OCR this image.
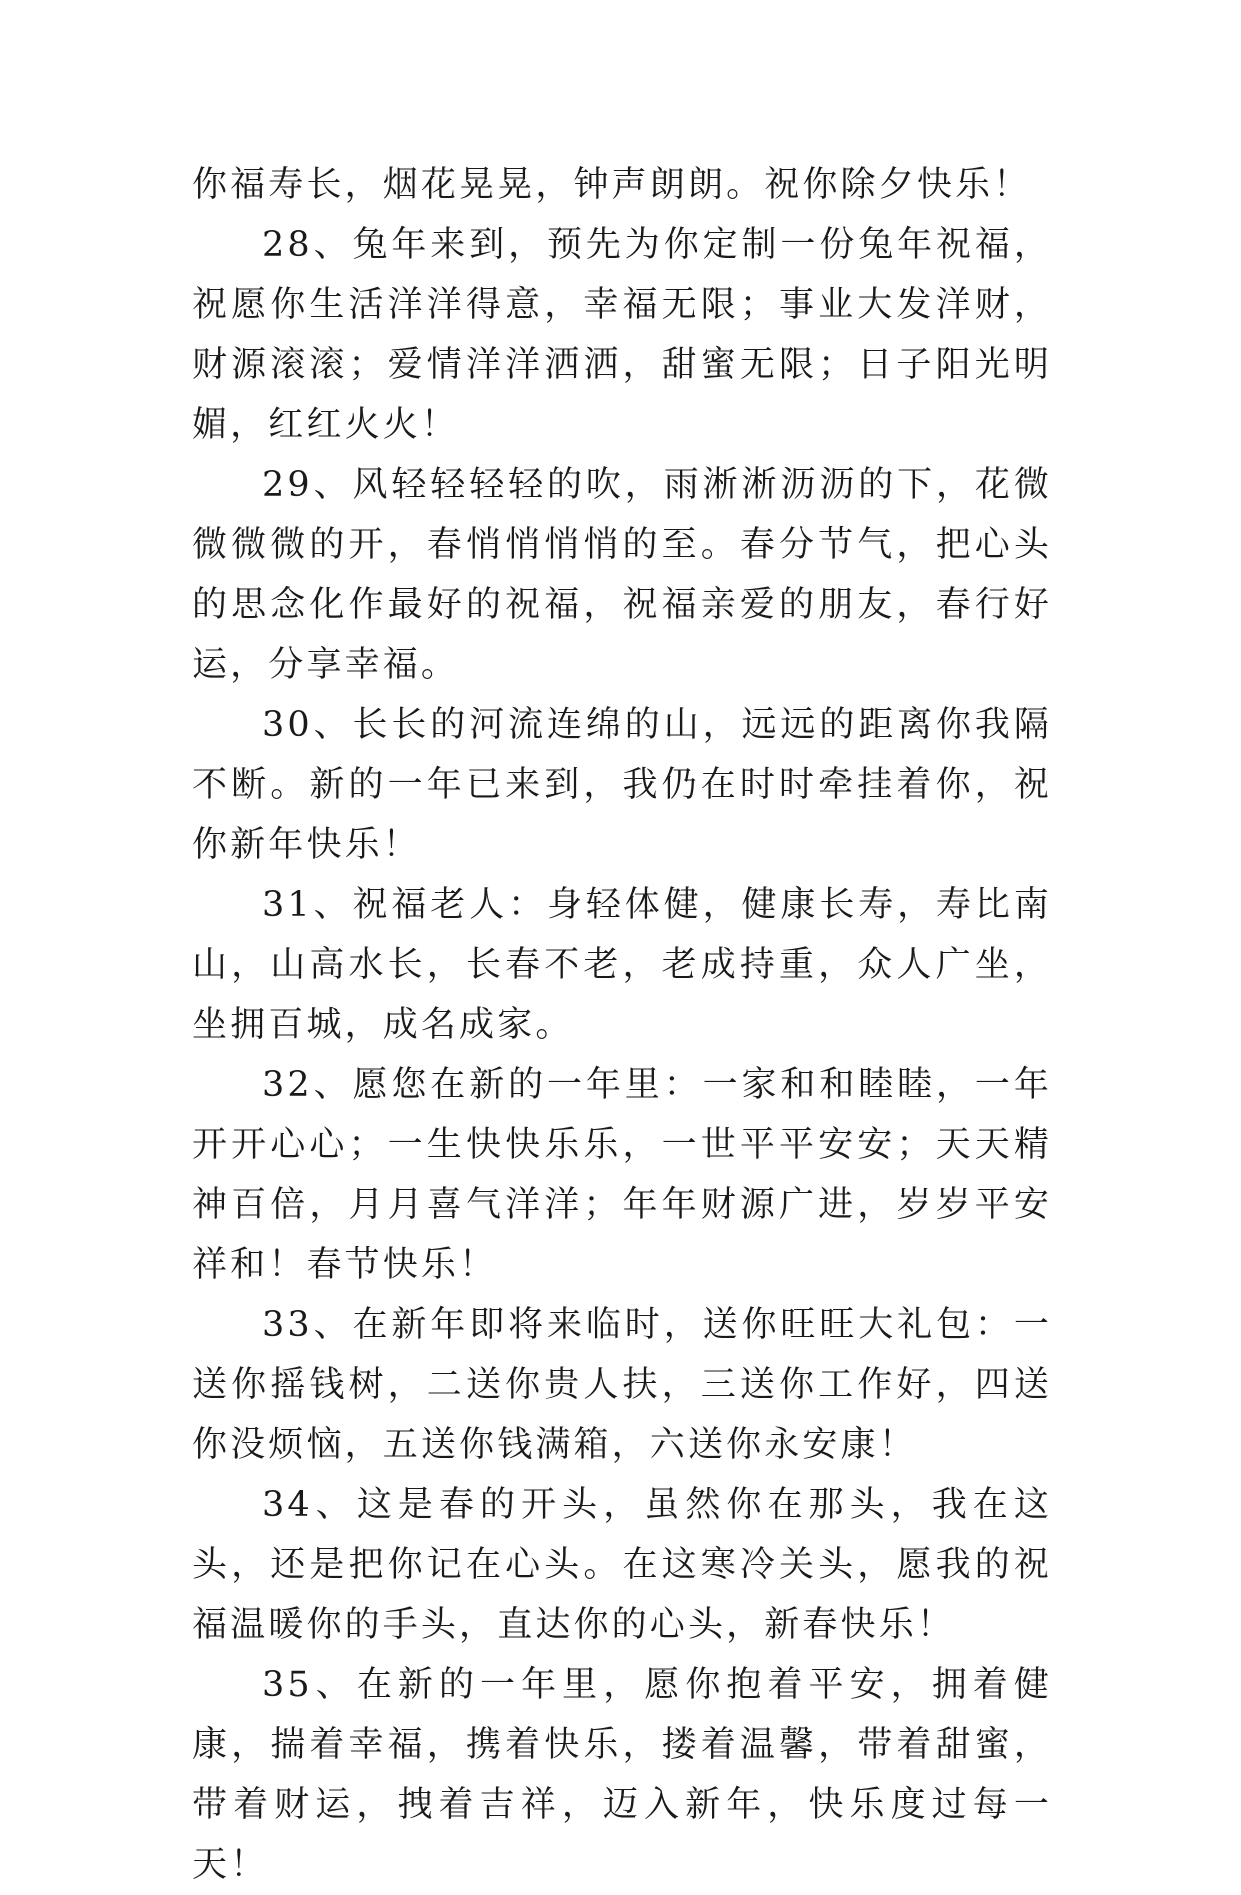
你福寿长，烟花晃晃，钟声朗朗。祝你除夕快乐！

28、兔年来到，预先为你定制一份兔年祝福，祝愿你生活洋洋得意，幸福无限；事业大发洋财，财源滚滚；爱情洋洋洒洒，甜蜜无限；日子阳光明媚，红红火火！

29、风轻轻轻轻的吹，雨淅淅沥沥的下，花微微微微的开，春悄悄悄悄的至。春分节气，把心头的思念化作最好的祝福，祝福亲爱的朋友，春行好运，分享幸福。

30、长长的河流连绵的山，远远的距离你我隔不断。新的一年已来到，我仍在时时牵挂着你，祝你新年快乐！

31、祝福老人：身轻体健，健康长寿，寿比南山，山高水长，长春不老，老成持重，众人广坐，坐拥百城，成名成家。

32、愿您在新的一年里：一家和和睦睦，一年开开心心；一生快快乐乐，一世平平安安；天天精神百倍，月月喜气洋洋；年年财源广进，岁岁平安祥和！春节快乐！

33、在新年即将来临时，送你旺旺大礼包：一送你摇钱树，二送你贵人扶，三送你工作好，四送你没烦恼，五送你钱满箱，六送你永安康！

34、这是春的开头，虽然你在那头，我在这头，还是把你记在心头。在这寒冷关头，愿我的祝福温暖你的手头，直达你的心头，新春快乐！

35、在新的一年里，愿你抱着平安，拥着健康，揣着幸福，携着快乐，搂着温馨，带着甜蜜，带着财运，拽着吉祥，迈入新年，快乐度过每一天！
